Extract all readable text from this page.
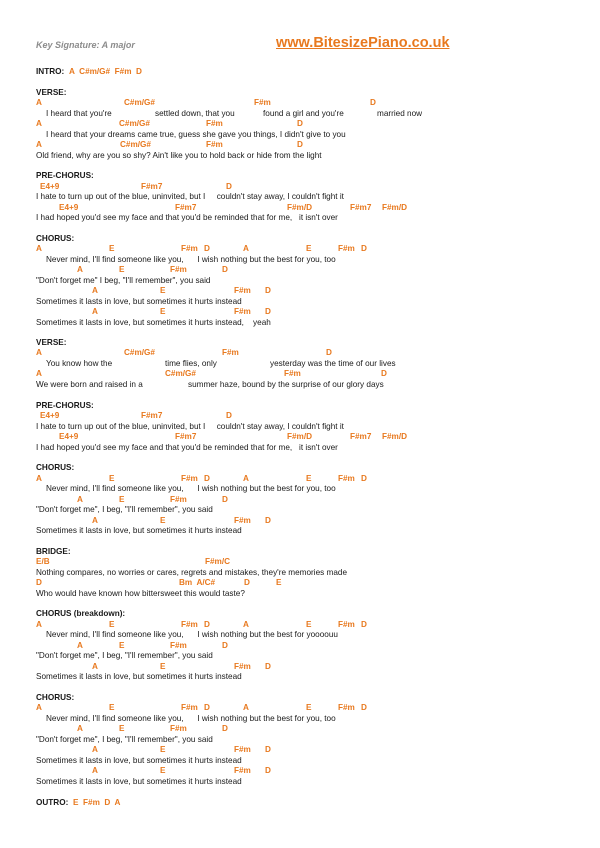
Key Signature: A major	www.BitesizePiano.co.uk
INTRO: A  C#m/G#  F#m  D
VERSE:
A	C#m/G#	F#m	D
I heard that you're	settled down, that you	found a girl and you're	married now
A	C#m/G#	F#m	D
I heard that your dreams came true, guess she gave you things, I didn't give to you
A	C#m/G#	F#m	D
Old friend, why are you so shy? Ain't like you to hold back or hide from the light
PRE-CHORUS:
E4+9	F#m7	D
I hate to turn up out of the blue, uninvited, but I     couldn't stay away, I couldn't fight it
E4+9	F#m7	F#m/D	F#m7 F#m/D
I had hoped you'd see my face and that you'd be reminded that for me,   it isn't over
CHORUS:
A	E	F#m D	A	E	F#m D
Never mind, I'll find someone like you,      I wish nothing but the best for you, too
A	E	F#m	D
"Don't forget me" I beg, "I'll remember", you said
A	E	F#m D
Sometimes it lasts in love, but sometimes it hurts instead
A	E	F#m D
Sometimes it lasts in love, but sometimes it hurts instead,    yeah
VERSE:
A	C#m/G#	F#m	D
You know how the	time flies, only	yesterday was the time of our lives
A	C#m/G#	F#m	D
We were born and raised in a	summer haze, bound by the surprise of our glory days
PRE-CHORUS:
E4+9	F#m7	D
I hate to turn up out of the blue, uninvited, but I     couldn't stay away, I couldn't fight it
E4+9	F#m7	F#m/D	F#m7 F#m/D
I had hoped you'd see my face and that you'd be reminded that for me,   it isn't over
CHORUS:
A	E	F#m D	A	E	F#m D
Never mind, I'll find someone like you,      I wish nothing but the best for you, too
A	E	F#m	D
"Don't forget me", I beg, "I'll remember", you said
A	E	F#m D
Sometimes it lasts in love, but sometimes it hurts instead
BRIDGE:
E/B	F#m/C
Nothing compares, no worries or cares, regrets and mistakes, they're memories made
D	Bm  A/C#	D	E
Who would have known how bittersweet this would taste?
CHORUS (breakdown):
A	E	F#m D	A	E	F#m D
Never mind, I'll find someone like you,      I wish nothing but the best for yoooouu
A	E	F#m	D
"Don't forget me", I beg, "I'll remember", you said
A	E	F#m D
Sometimes it lasts in love, but sometimes it hurts instead
CHORUS:
A	E	F#m D	A	E	F#m D
Never mind, I'll find someone like you,      I wish nothing but the best for you, too
A	E	F#m	D
"Don't forget me", I beg, "I'll remember", you said
A	E	F#m D
Sometimes it lasts in love, but sometimes it hurts instead
A	E	F#m D
Sometimes it lasts in love, but sometimes it hurts instead
OUTRO: E  F#m  D  A
